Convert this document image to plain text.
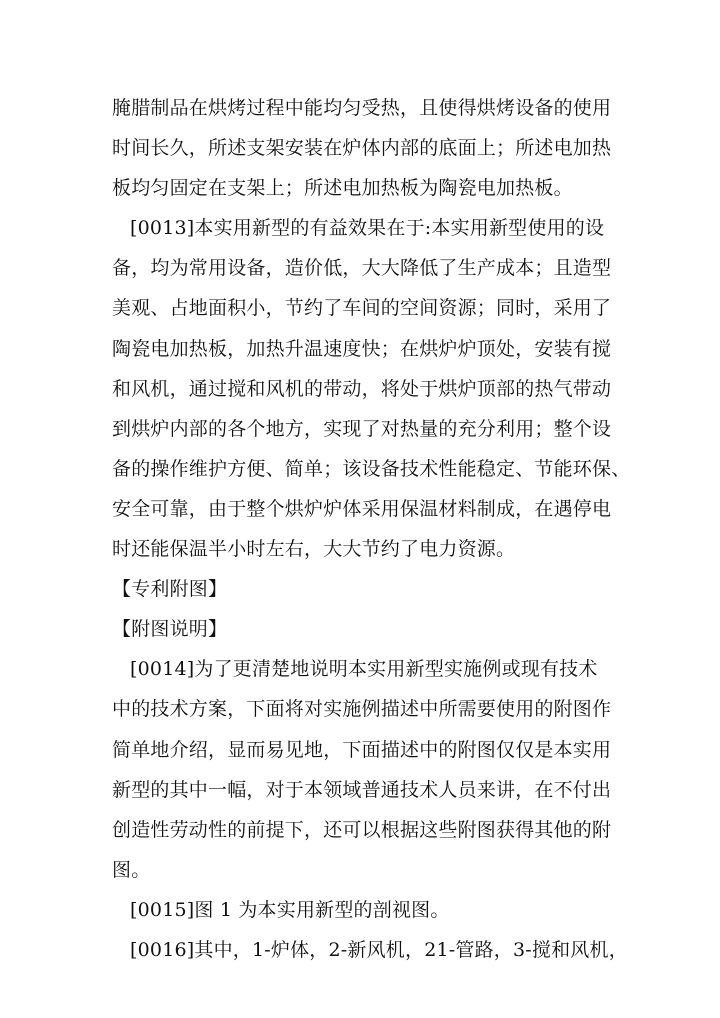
腌腊制品在烘烤过程中能均匀受热，且使得烘烤设备的使用
时间长久，所述支架安装在炉体内部的底面上；所述电加热
板均匀固定在支架上；所述电加热板为陶瓷电加热板。
[0013]本实用新型的有益效果在于:本实用新型使用的设
备，均为常用设备，造价低，大大降低了生产成本；且造型
美观、占地面积小，节约了车间的空间资源；同时，采用了
陶瓷电加热板，加热升温速度快；在烘炉炉顶处，安装有搅
和风机，通过搅和风机的带动，将处于烘炉顶部的热气带动
到烘炉内部的各个地方，实现了对热量的充分利用；整个设
备的操作维护方便、简单；该设备技术性能稳定、节能环保、
安全可靠，由于整个烘炉炉体采用保温材料制成，在遇停电
时还能保温半小时左右，大大节约了电力资源。
【专利附图】
【附图说明】
[0014]为了更清楚地说明本实用新型实施例或现有技术
中的技术方案，下面将对实施例描述中所需要使用的附图作
简单地介绍，显而易见地，下面描述中的附图仅仅是本实用
新型的其中一幅，对于本领域普通技术人员来讲，在不付出
创造性劳动性的前提下，还可以根据这些附图获得其他的附
图。
[0015]图 1 为本实用新型的剖视图。
[0016]其中，1-炉体，2-新风机，21-管路，3-搅和风机，
